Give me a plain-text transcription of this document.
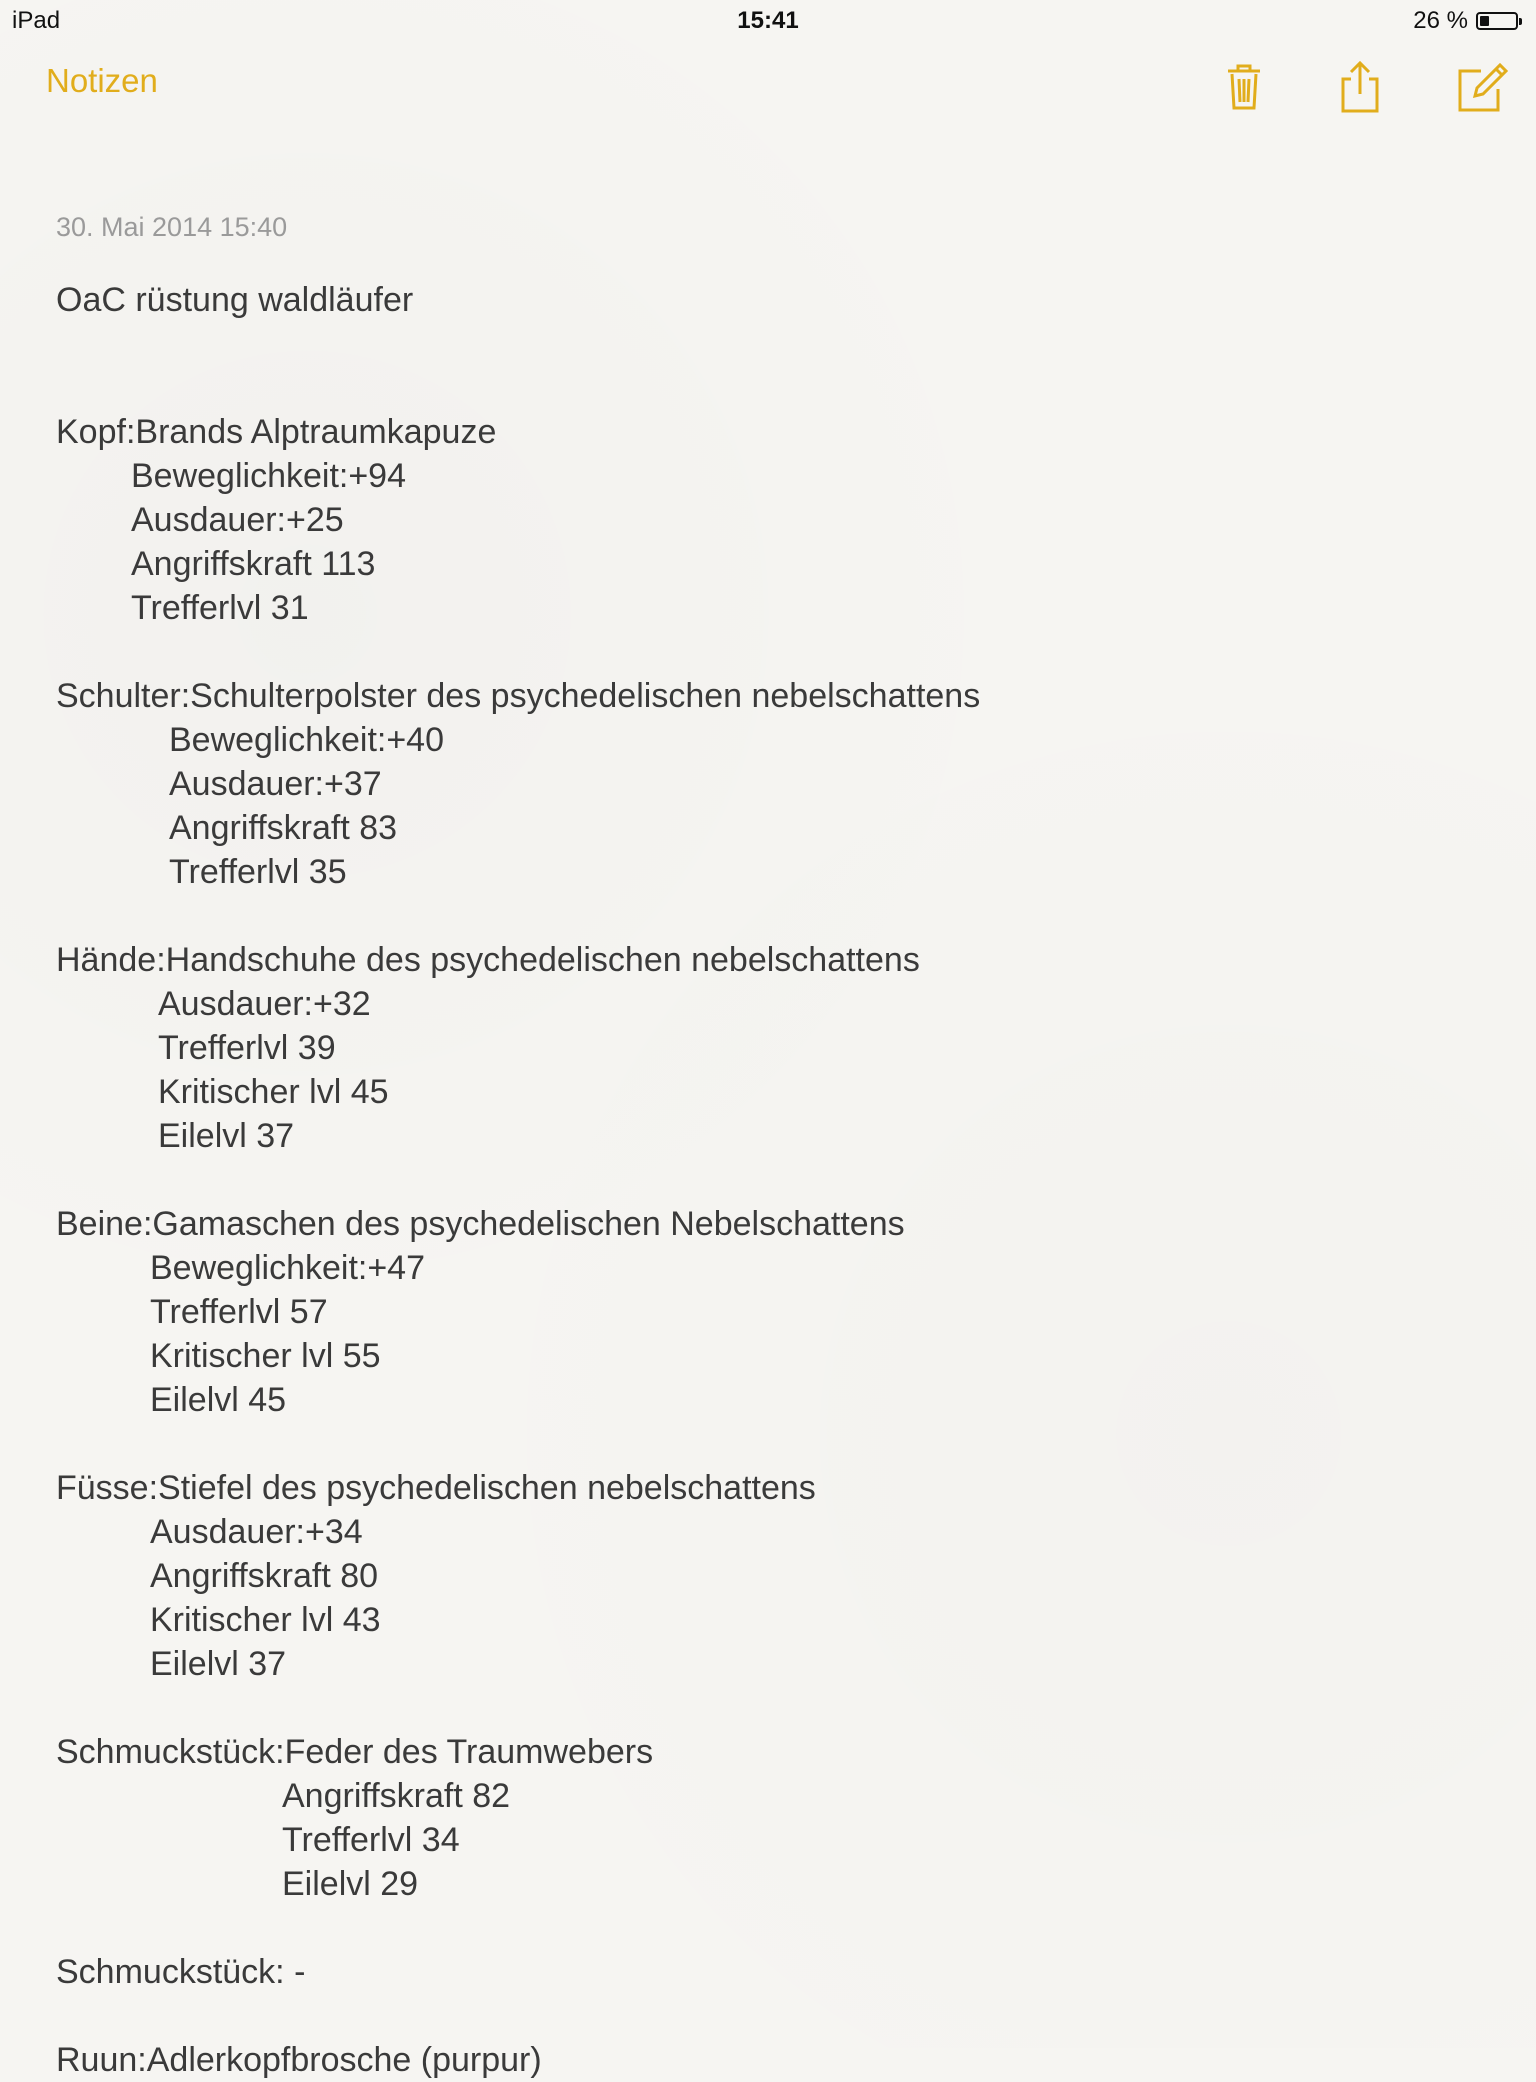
iPad	15:41	26 %
Notizen
30. Mai 2014 15:40
OaC rüstung waldläufer
Kopf:Brands Alptraumkapuze
Beweglichkeit:+94
Ausdauer:+25
Angriffskraft 113
Trefferlvl 31
Schulter:Schulterpolster des psychedelischen nebelschattens
Beweglichkeit:+40
Ausdauer:+37
Angriffskraft 83
Trefferlvl 35
Hände:Handschuhe des psychedelischen nebelschattens
Ausdauer:+32
Trefferlvl 39
Kritischer lvl 45
Eilelvl 37
Beine:Gamaschen des psychedelischen Nebelschattens
Beweglichkeit:+47
Trefferlvl 57
Kritischer lvl 55
Eilelvl 45
Füsse:Stiefel des psychedelischen nebelschattens
Ausdauer:+34
Angriffskraft 80
Kritischer lvl 43
Eilelvl 37
Schmuckstück:Feder des Traumwebers
Angriffskraft 82
Trefferlvl 34
Eilelvl 29
Schmuckstück: -
Ruun:Adlerkopfbrosche (purpur)
